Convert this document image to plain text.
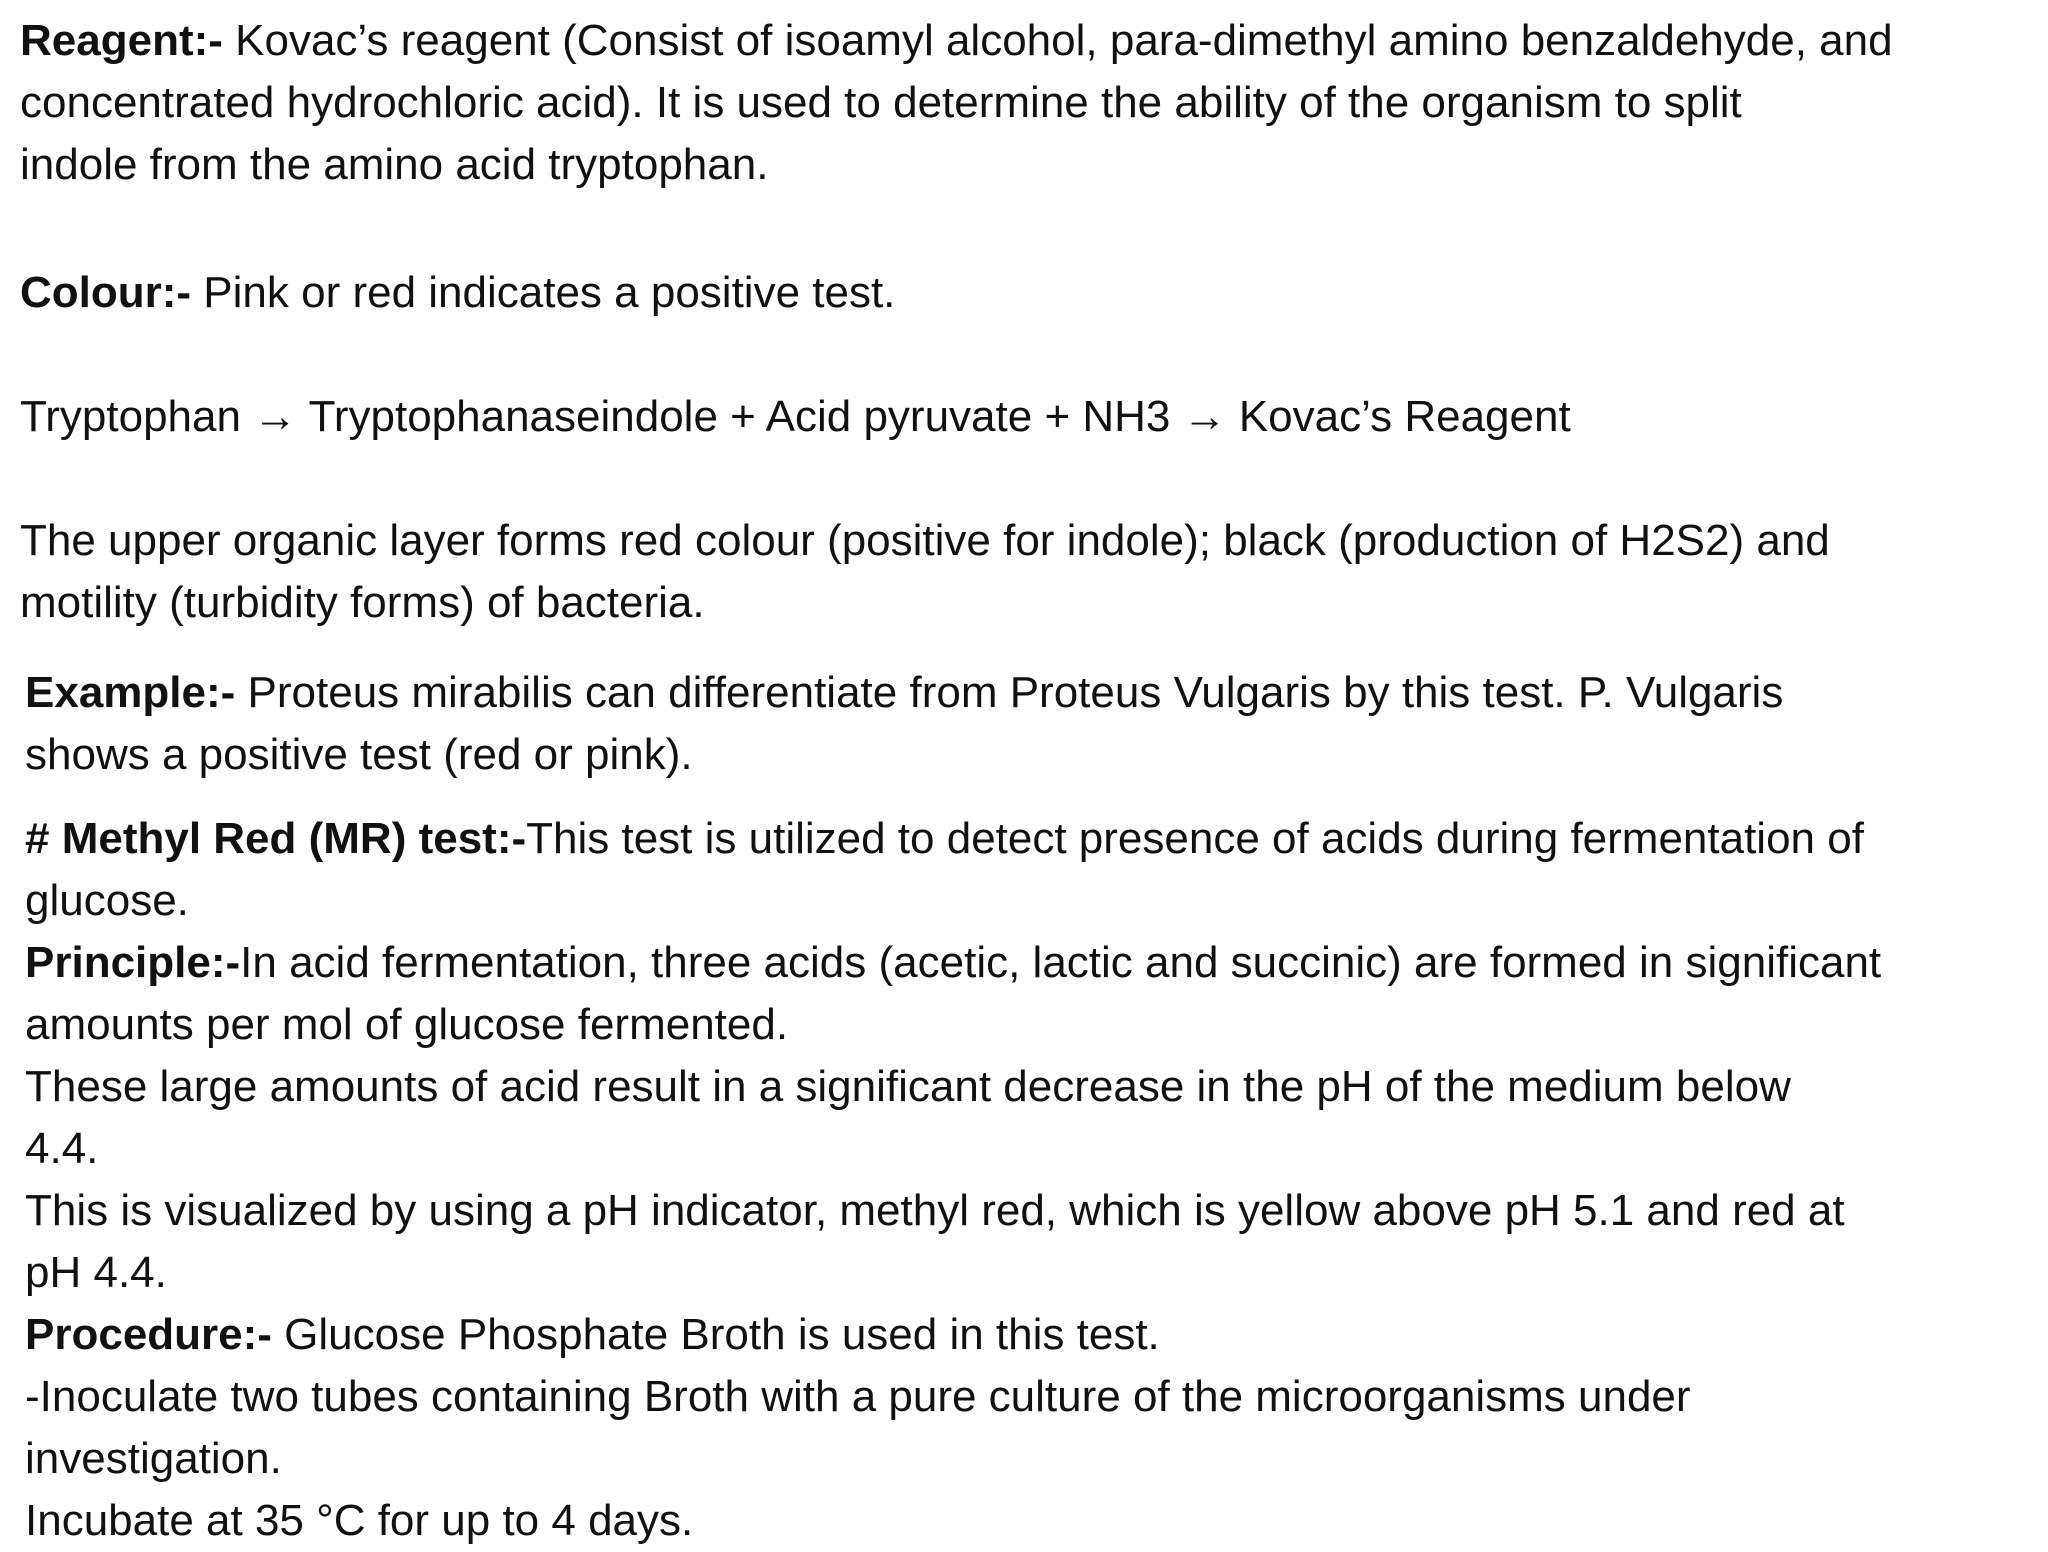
Reagent:- Kovac’s reagent (Consist of isoamyl alcohol, para-dimethyl amino benzaldehyde, and
concentrated hydrochloric acid). It is used to determine the ability of the organism to split
indole from the amino acid tryptophan.

Colour:- Pink or red indicates a positive test.

Tryptophan → Tryptophanaseindole + Acid pyruvate + NH3 → Kovac’s Reagent

The upper organic layer forms red colour (positive for indole); black (production of H2S2) and
motility (turbidity forms) of bacteria.

Example:- Proteus mirabilis can differentiate from Proteus Vulgaris by this test. P. Vulgaris
shows a positive test (red or pink).

# Methyl Red (MR) test:-This test is utilized to detect presence of acids during fermentation of
glucose.
Principle:-In acid fermentation, three acids (acetic, lactic and succinic) are formed in significant
amounts per mol of glucose fermented.
These large amounts of acid result in a significant decrease in the pH of the medium below
4.4.
This is visualized by using a pH indicator, methyl red, which is yellow above pH 5.1 and red at
pH 4.4.
Procedure:- Glucose Phosphate Broth is used in this test.
-Inoculate two tubes containing Broth with a pure culture of the microorganisms under
investigation.
Incubate at 35 °C for up to 4 days.
